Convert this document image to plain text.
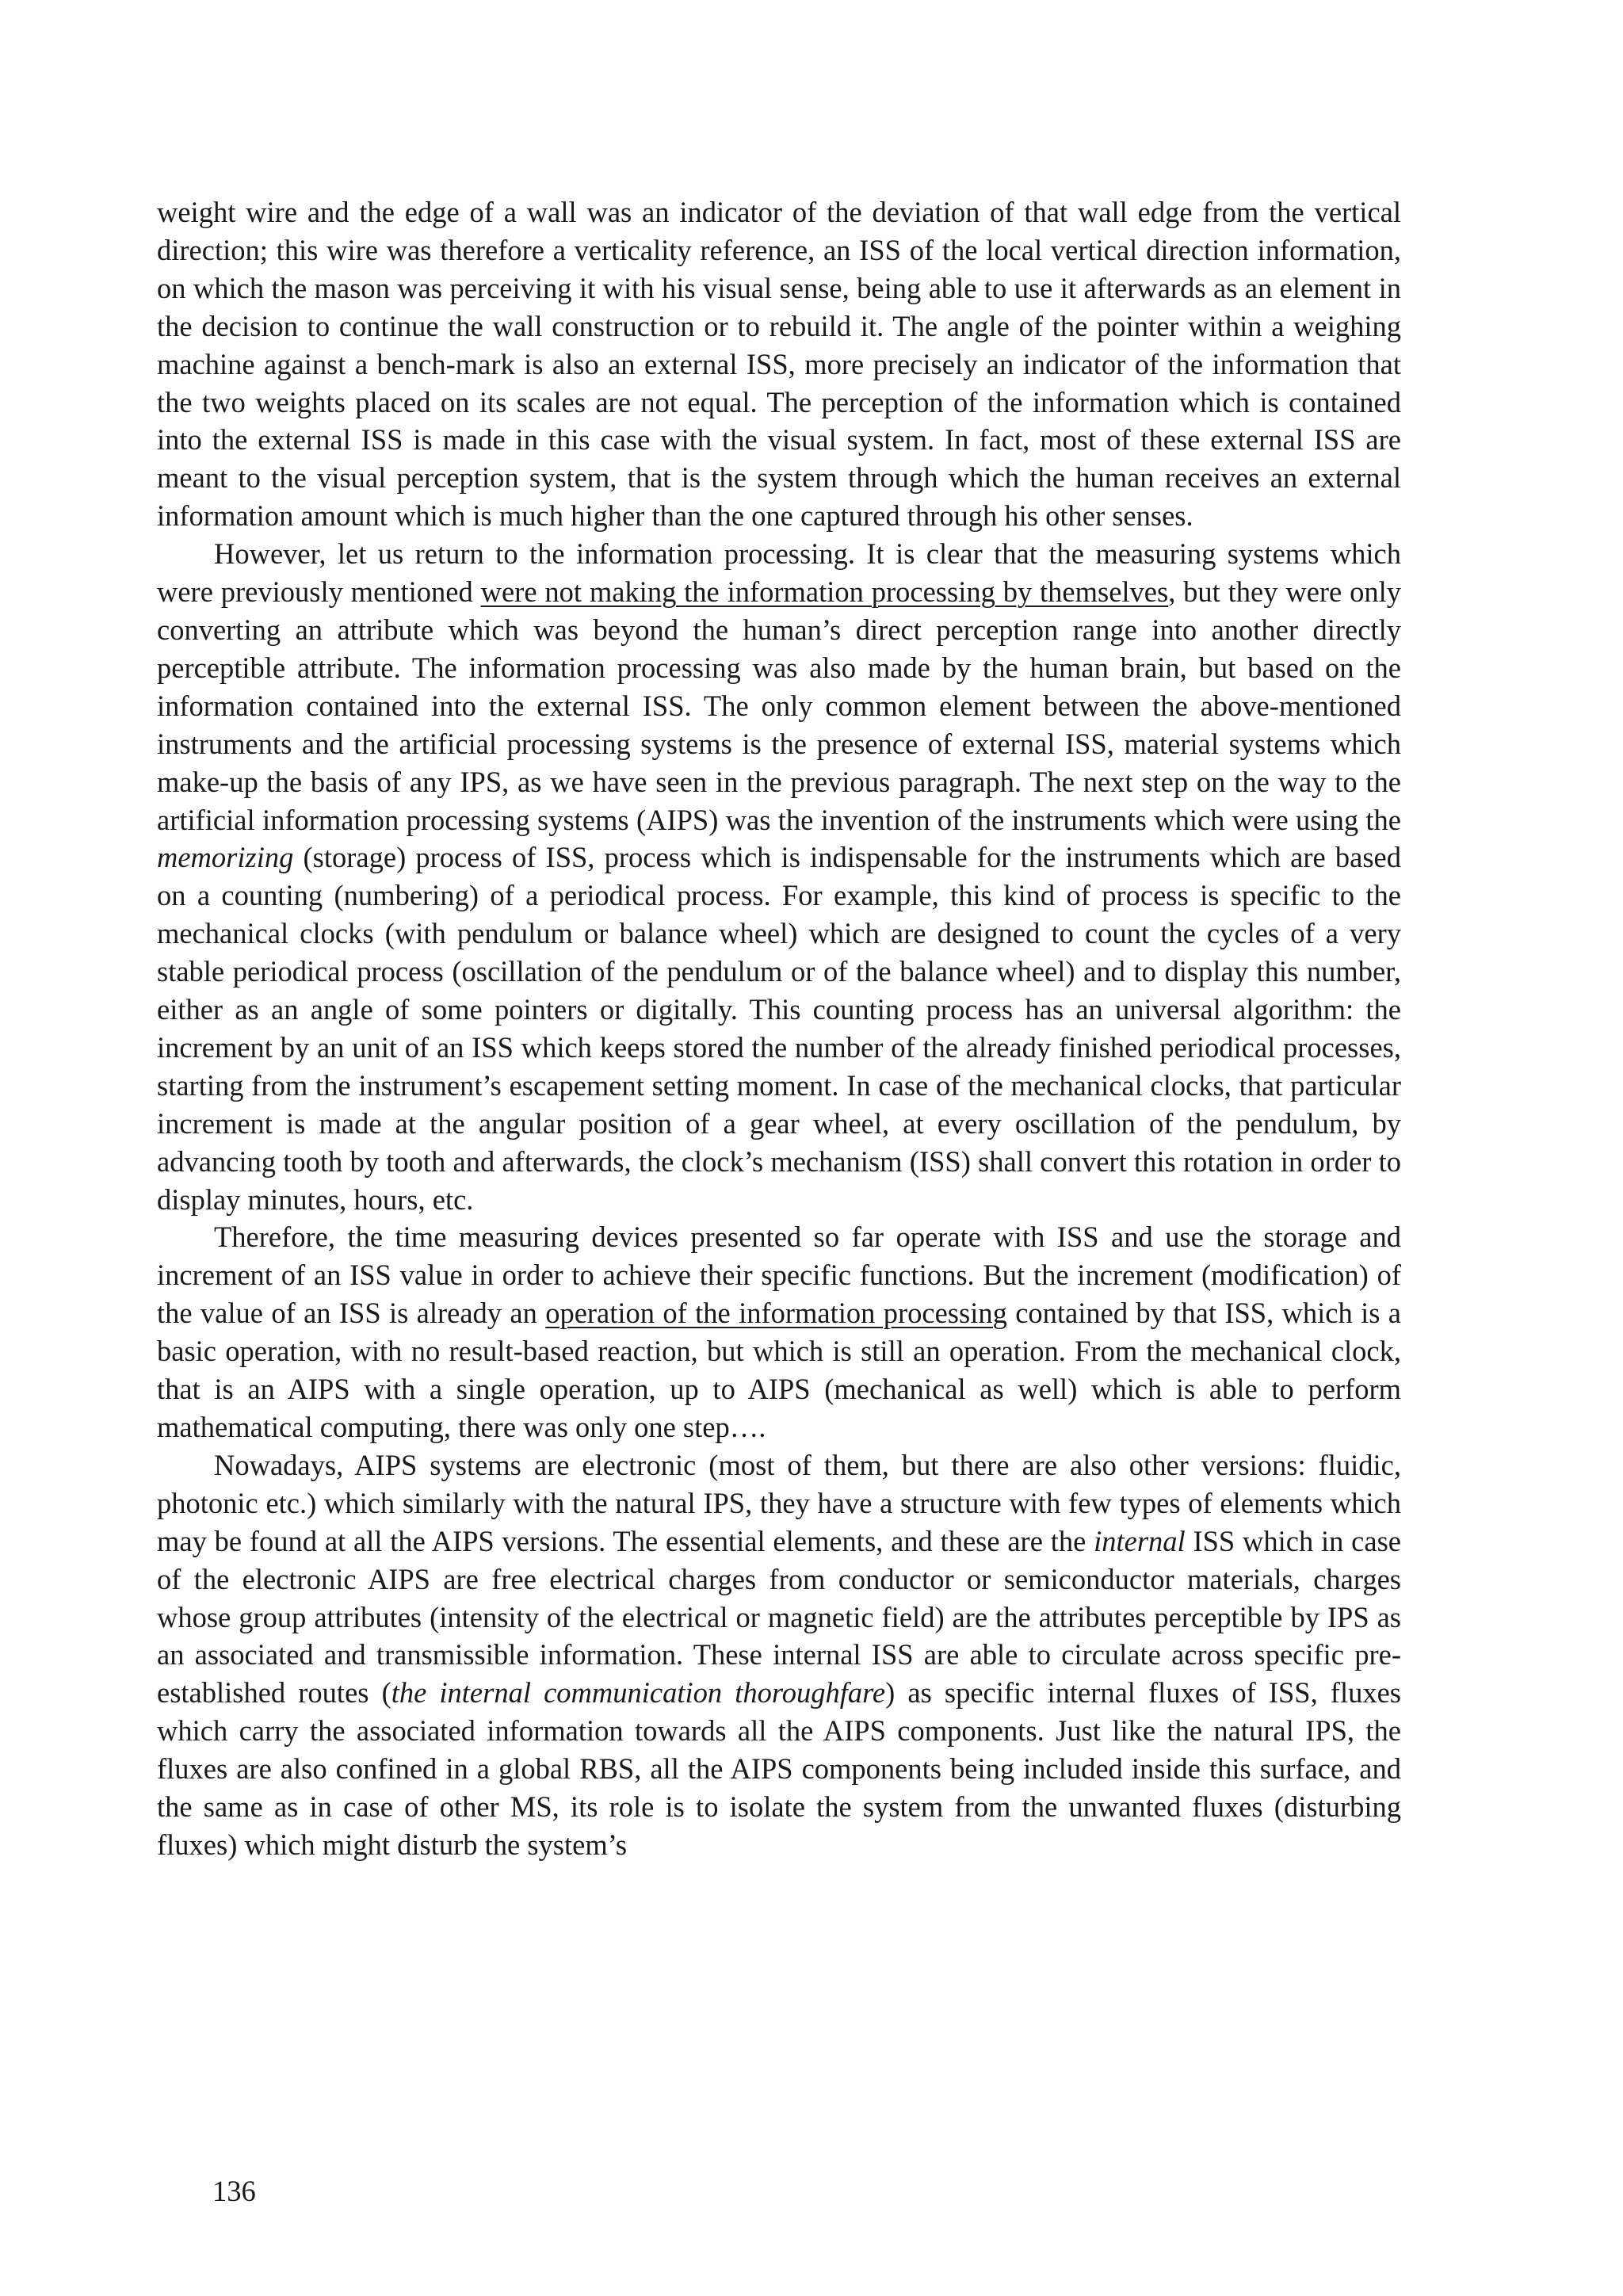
weight wire and the edge of a wall was an indicator of the deviation of that wall edge from the vertical direction; this wire was therefore a verticality reference, an ISS of the local vertical direction information, on which the mason was perceiving it with his visual sense, being able to use it afterwards as an element in the decision to continue the wall construction or to rebuild it. The angle of the pointer within a weighing machine against a bench-mark is also an external ISS, more precisely an indicator of the information that the two weights placed on its scales are not equal. The perception of the information which is contained into the external ISS is made in this case with the visual system. In fact, most of these external ISS are meant to the visual perception system, that is the system through which the human receives an external information amount which is much higher than the one captured through his other senses.

However, let us return to the information processing. It is clear that the measuring systems which were previously mentioned were not making the information processing by themselves, but they were only converting an attribute which was beyond the human’s direct perception range into another directly perceptible attribute. The information processing was also made by the human brain, but based on the information contained into the external ISS. The only common element between the above-mentioned instruments and the artificial processing systems is the presence of external ISS, material systems which make-up the basis of any IPS, as we have seen in the previous paragraph. The next step on the way to the artificial information processing systems (AIPS) was the invention of the instruments which were using the memorizing (storage) process of ISS, process which is indispensable for the instruments which are based on a counting (numbering) of a periodical process. For example, this kind of process is specific to the mechanical clocks (with pendulum or balance wheel) which are designed to count the cycles of a very stable periodical process (oscillation of the pendulum or of the balance wheel) and to display this number, either as an angle of some pointers or digitally. This counting process has an universal algorithm: the increment by an unit of an ISS which keeps stored the number of the already finished periodical processes, starting from the instrument’s escapement setting moment. In case of the mechanical clocks, that particular increment is made at the angular position of a gear wheel, at every oscillation of the pendulum, by advancing tooth by tooth and afterwards, the clock’s mechanism (ISS) shall convert this rotation in order to display minutes, hours, etc.

Therefore, the time measuring devices presented so far operate with ISS and use the storage and increment of an ISS value in order to achieve their specific functions. But the increment (modification) of the value of an ISS is already an operation of the information processing contained by that ISS, which is a basic operation, with no result-based reaction, but which is still an operation. From the mechanical clock, that is an AIPS with a single operation, up to AIPS (mechanical as well) which is able to perform mathematical computing, there was only one step….

Nowadays, AIPS systems are electronic (most of them, but there are also other versions: fluidic, photonic etc.) which similarly with the natural IPS, they have a structure with few types of elements which may be found at all the AIPS versions. The essential elements, and these are the internal ISS which in case of the electronic AIPS are free electrical charges from conductor or semiconductor materials, charges whose group attributes (intensity of the electrical or magnetic field) are the attributes perceptible by IPS as an associated and transmissible information. These internal ISS are able to circulate across specific pre-established routes (the internal communication thoroughfare) as specific internal fluxes of ISS, fluxes which carry the associated information towards all the AIPS components. Just like the natural IPS, the fluxes are also confined in a global RBS, all the AIPS components being included inside this surface, and the same as in case of other MS, its role is to isolate the system from the unwanted fluxes (disturbing fluxes) which might disturb the system’s

136
